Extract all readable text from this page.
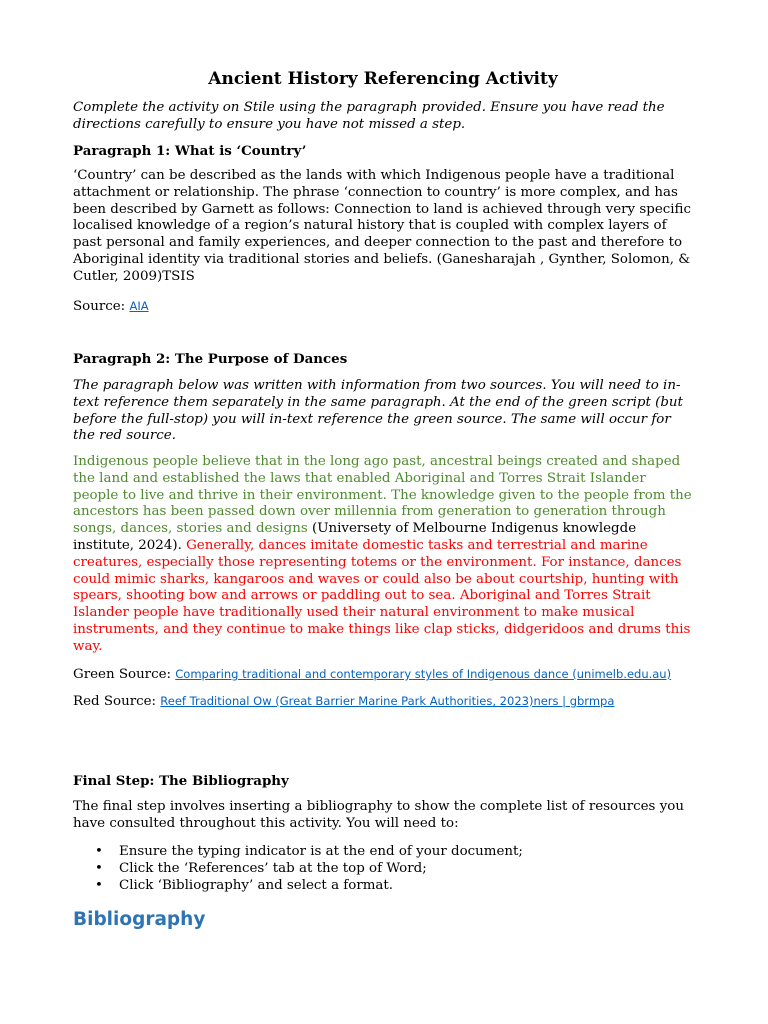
Ancient History Referencing Activity

Complete the activity on Stile using the paragraph provided. Ensure you have read the directions carefully to ensure you have not missed a step.

Paragraph 1: What is ‘Country’

‘Country’ can be described as the lands with which Indigenous people have a traditional attachment or relationship. The phrase ‘connection to country’ is more complex, and has been described by Garnett as follows: Connection to land is achieved through very specific localised knowledge of a region’s natural history that is coupled with complex layers of past personal and family experiences, and deeper connection to the past and therefore to Aboriginal identity via traditional stories and beliefs. (Ganesharajah , Gynther, Solomon, & Cutler, 2009)TSIS

Source: AIA

Paragraph 2: The Purpose of Dances

The paragraph below was written with information from two sources. You will need to in-text reference them separately in the same paragraph. At the end of the green script (but before the full-stop) you will in-text reference the green source. The same will occur for the red source.

Indigenous people believe that in the long ago past, ancestral beings created and shaped the land and established the laws that enabled Aboriginal and Torres Strait Islander people to live and thrive in their environment. The knowledge given to the people from the ancestors has been passed down over millennia from generation to generation through songs, dances, stories and designs (Universety of Melbourne Indigenus knowlegde institute, 2024). Generally, dances imitate domestic tasks and terrestrial and marine creatures, especially those representing totems or the environment. For instance, dances could mimic sharks, kangaroos and waves or could also be about courtship, hunting with spears, shooting bow and arrows or paddling out to sea. Aboriginal and Torres Strait Islander people have traditionally used their natural environment to make musical instruments, and they continue to make things like clap sticks, didgeridoos and drums this way.

Green Source: Comparing traditional and contemporary styles of Indigenous dance (unimelb.edu.au)

Red Source: Reef Traditional Ow (Great Barrier Marine Park Authorities, 2023)ners | gbrmpa

Final Step: The Bibliography

The final step involves inserting a bibliography to show the complete list of resources you have consulted throughout this activity. You will need to:

• Ensure the typing indicator is at the end of your document;
• Click the ‘References’ tab at the top of Word;
• Click ‘Bibliography’ and select a format.
Bibliography
